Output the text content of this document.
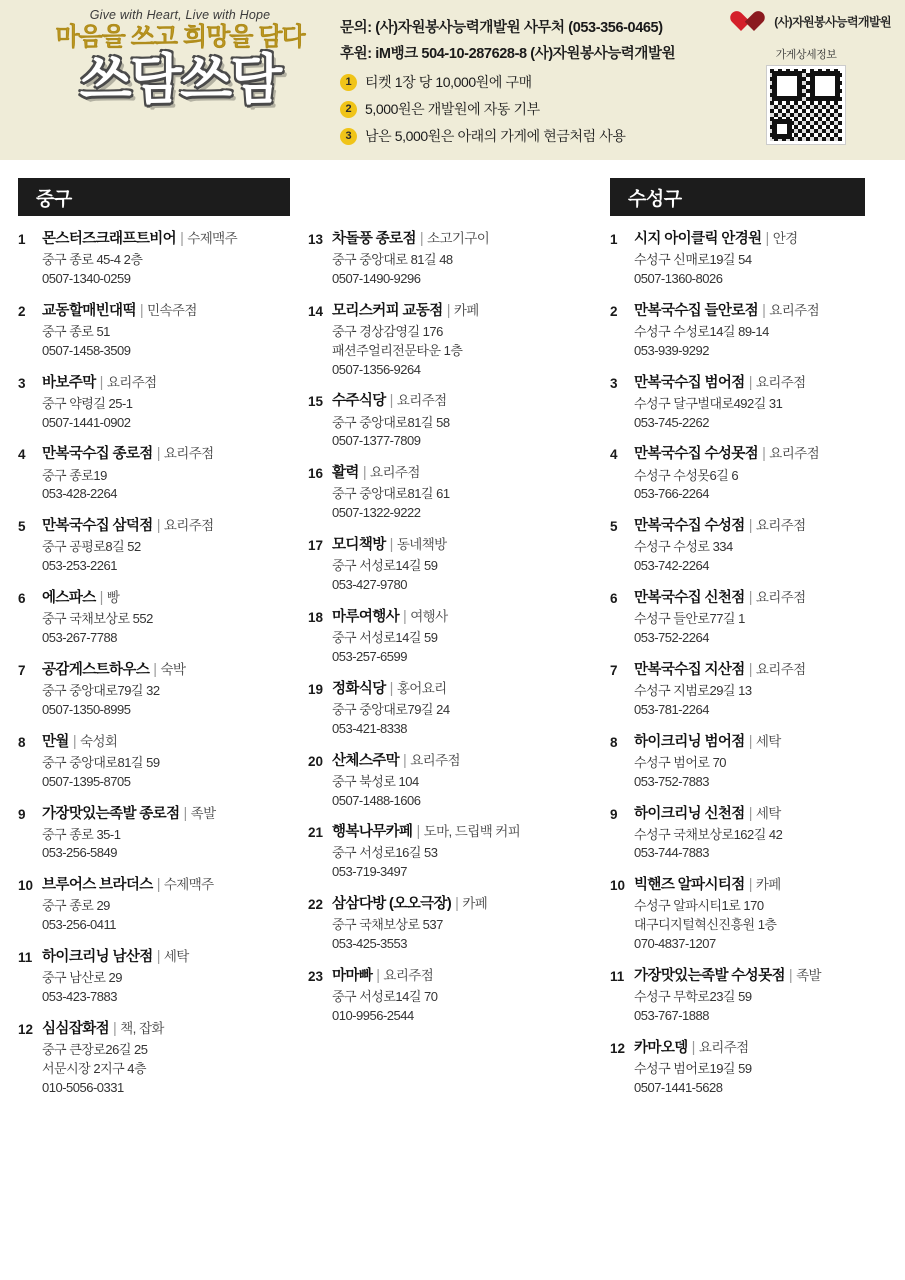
Give with Heart, Live with Hope
마음을 쓰고 희망을 담다
쓰담쓰담
문의: (사)자원봉사능력개발원 사무처 (053-356-0465)
후원: iM뱅크 504-10-287628-8 (사)자원봉사능력개발원
1 티켓 1장 당 10,000원에 구매
2 5,000원은 개발원에 자동 기부
3 남은 5,000원은 아래의 가게에 현금처럼 사용
(사)자원봉사능력개발원
가게상세정보
중구
1	몬스터즈크래프트비어 | 수제맥주
중구 종로 45-4 2층
0507-1340-0259
2	교동할매빈대떡 | 민속주점
중구 종로 51
0507-1458-3509
3	바보주막 | 요리주점
중구 약령길 25-1
0507-1441-0902
4	만복국수집 종로점 | 요리주점
중구 종로19
053-428-2264
5	만복국수집 삼덕점 | 요리주점
중구 공평로8길 52
053-253-2261
6	에스파스 | 빵
중구 국채보상로 552
053-267-7788
7	공감게스트하우스 | 숙박
중구 중앙대로79길 32
0507-1350-8995
8	만월 | 숙성회
중구 중앙대로81길 59
0507-1395-8705
9	가장맛있는족발 종로점 | 족발
중구 종로 35-1
053-256-5849
10 브루어스 브라더스 | 수제맥주
중구 종로 29
053-256-0411
11 하이크리닝 남산점 | 세탁
중구 남산로 29
053-423-7883
12 심심잡화점 | 책, 잡화
중구 큰장로26길 25
서문시장 2지구 4층
010-5056-0331
13 차돌풍 종로점 | 소고기구이
중구 중앙대로 81길 48
0507-1490-9296
14 모리스커피 교동점 | 카페
중구 경상감영길 176
패션주얼리전문타운 1층
0507-1356-9264
15 수주식당 | 요리주점
중구 중앙대로81길 58
0507-1377-7809
16 활력 | 요리주점
중구 중앙대로81길 61
0507-1322-9222
17 모디책방 | 동네책방
중구 서성로14길 59
053-427-9780
18 마루여행사 | 여행사
중구 서성로14길 59
053-257-6599
19 정화식당 | 홍어요리
중구 중앙대로79길 24
053-421-8338
20 산체스주막 | 요리주점
중구 북성로 104
0507-1488-1606
21 행복나무카페 | 도마, 드립백 커피
중구 서성로16길 53
053-719-3497
22 삼삼다방 (오오극장) | 카페
중구 국채보상로 537
053-425-3553
23 마마빠 | 요리주점
중구 서성로14길 70
010-9956-2544
수성구
1	시지 아이클릭 안경원 | 안경
수성구 신매로19길 54
0507-1360-8026
2	만복국수집 들안로점 | 요리주점
수성구 수성로14길 89-14
053-939-9292
3	만복국수집 범어점 | 요리주점
수성구 달구벌대로492길 31
053-745-2262
4	만복국수집 수성못점 | 요리주점
수성구 수성못6길 6
053-766-2264
5	만복국수집 수성점 | 요리주점
수성구 수성로 334
053-742-2264
6	만복국수집 신천점 | 요리주점
수성구 들안로77길 1
053-752-2264
7	만복국수집 지산점 | 요리주점
수성구 지범로29길 13
053-781-2264
8	하이크리닝 범어점 | 세탁
수성구 범어로 70
053-752-7883
9	하이크리닝 신천점 | 세탁
수성구 국채보상로162길 42
053-744-7883
10 빅핸즈 알파시티점 | 카페
수성구 알파시티1로 170
대구디지털혁신진흥원 1층
070-4837-1207
11 가장맛있는족발 수성못점 | 족발
수성구 무학로23길 59
053-767-1888
12 카마오뎅 | 요리주점
수성구 범어로19길 59
0507-1441-5628
